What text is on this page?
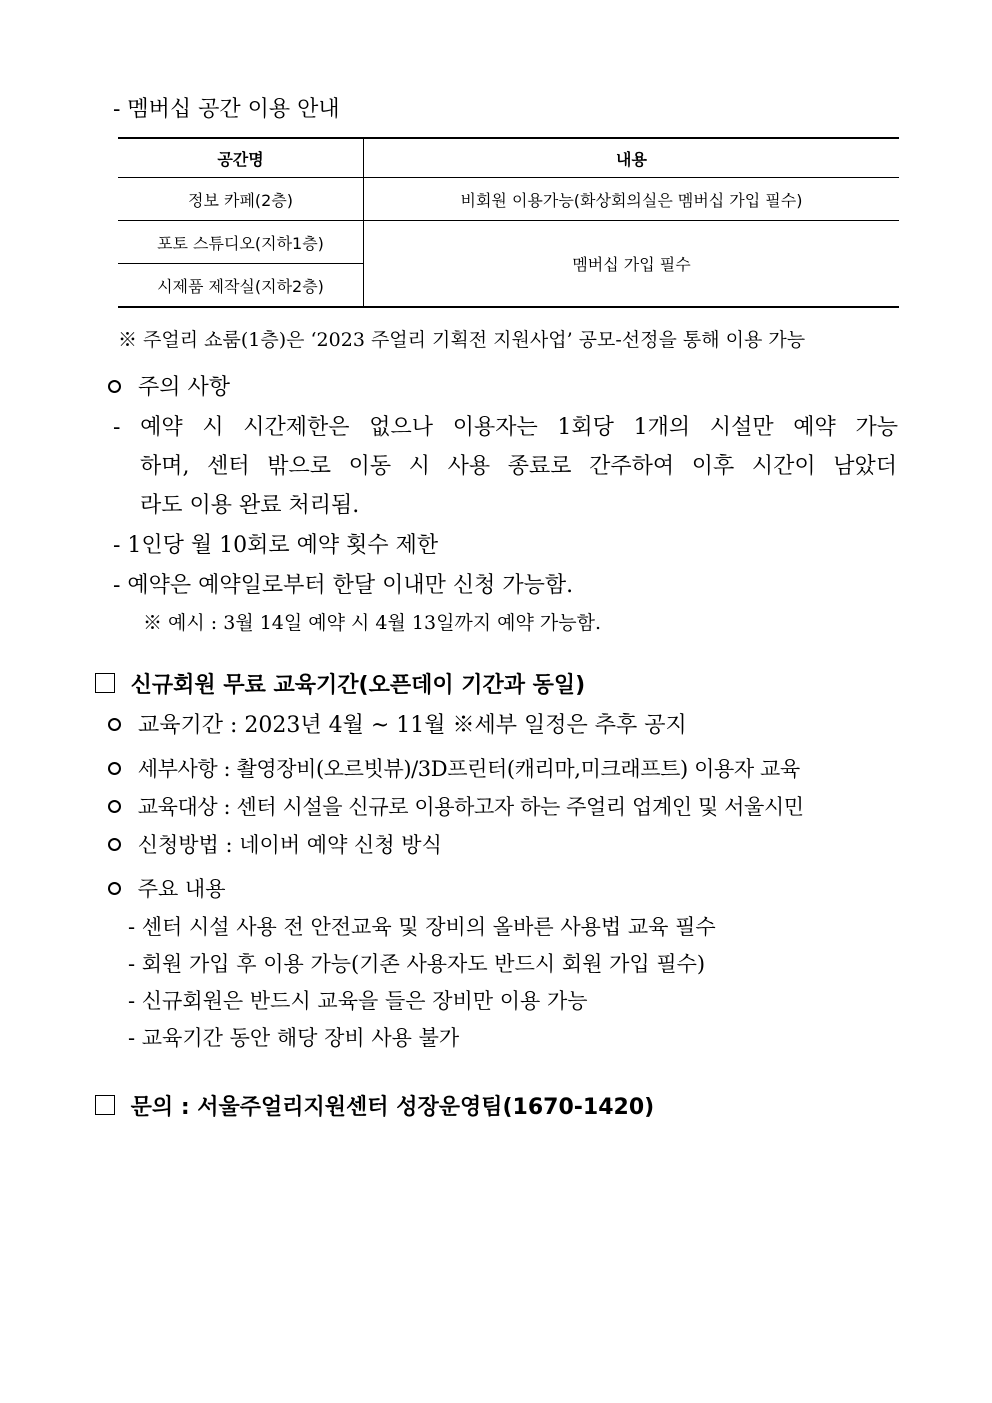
- 멤버십 공간 이용 안내
공간명	내용
정보 카페(2층)	비회원 이용가능(화상회의실은 멤버십 가입 필수)
포토 스튜디오(지하1층)	멤버십 가입 필수
시제품 제작실(지하2층)	
※ 주얼리 쇼룸(1층)은 ‘2023 주얼리 기획전 지원사업’ 공모-선정을 통해 이용 가능
주의 사항
- 예약 시 시간제한은 없으나 이용자는 1회당 1개의 시설만 예약 가능
하며, 센터 밖으로 이동 시 사용 종료로 간주하여 이후 시간이 남았더
라도 이용 완료 처리됨.
- 1인당 월 10회로 예약 횟수 제한
- 예약은 예약일로부터 한달 이내만 신청 가능함.
※ 예시 : 3월 14일 예약 시 4월 13일까지 예약 가능함.
신규회원 무료 교육기간(오픈데이 기간과 동일)
교육기간 : 2023년 4월 ~ 11월 ※세부 일정은 추후 공지
세부사항 : 촬영장비(오르빗뷰)/3D프린터(캐리마,미크래프트) 이용자 교육
교육대상 : 센터 시설을 신규로 이용하고자 하는 주얼리 업계인 및 서울시민
신청방법 : 네이버 예약 신청 방식
주요 내용
- 센터 시설 사용 전 안전교육 및 장비의 올바른 사용법 교육 필수
- 회원 가입 후 이용 가능(기존 사용자도 반드시 회원 가입 필수)
- 신규회원은 반드시 교육을 들은 장비만 이용 가능
- 교육기간 동안 해당 장비 사용 불가
문의 : 서울주얼리지원센터 성장운영팀(1670-1420)
